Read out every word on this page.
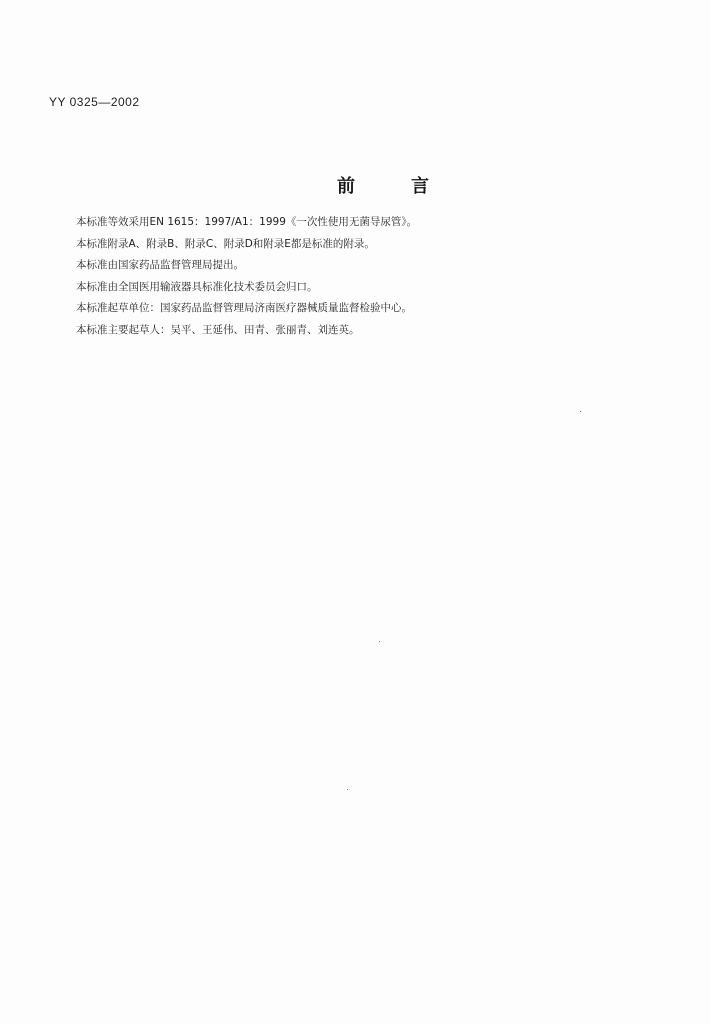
YY 0325—2002
前言
本标准等效采用EN 1615：1997/A1：1999《一次性使用无菌导尿管》。
本标准附录A、附录B、附录C、附录D和附录E都是标准的附录。
本标准由国家药品监督管理局提出。
本标准由全国医用输液器具标准化技术委员会归口。
本标准起草单位：国家药品监督管理局济南医疗器械质量监督检验中心。
本标准主要起草人：吴平、王延伟、田青、张丽青、刘连英。
